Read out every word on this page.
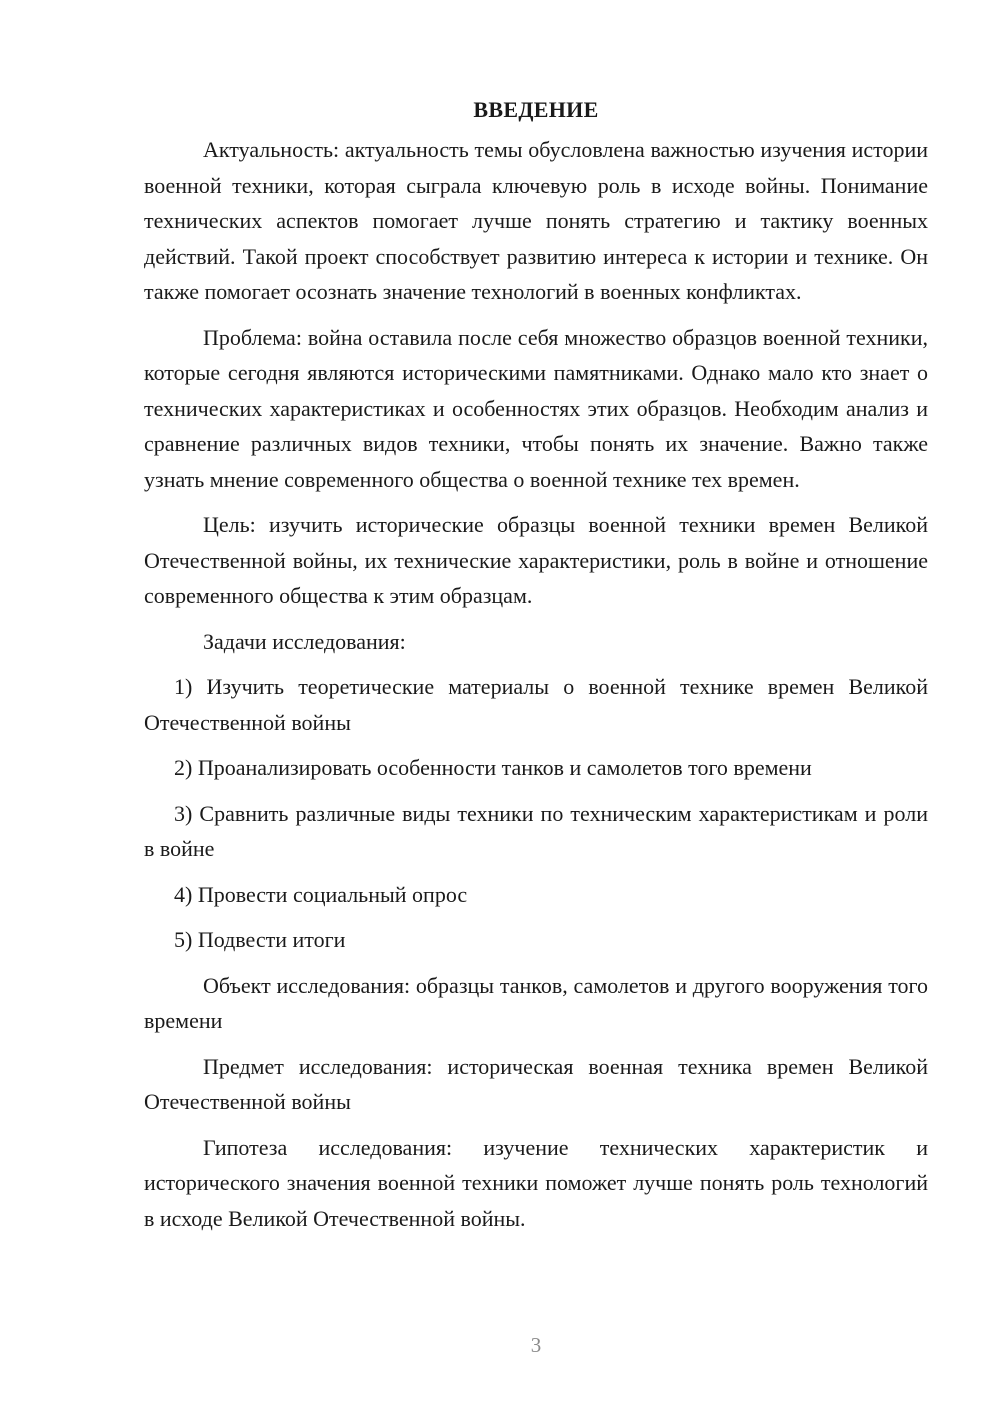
ВВЕДЕНИЕ

Актуальность: актуальность темы обусловлена важностью изучения истории военной техники, которая сыграла ключевую роль в исходе войны. Понимание технических аспектов помогает лучше понять стратегию и тактику военных действий. Такой проект способствует развитию интереса к истории и технике. Он также помогает осознать значение технологий в военных конфликтах.

Проблема: война оставила после себя множество образцов военной техники, которые сегодня являются историческими памятниками. Однако мало кто знает о технических характеристиках и особенностях этих образцов. Необходим анализ и сравнение различных видов техники, чтобы понять их значение. Важно также узнать мнение современного общества о военной технике тех времен.

Цель: изучить исторические образцы военной техники времен Великой Отечественной войны, их технические характеристики, роль в войне и отношение современного общества к этим образцам.

Задачи исследования:

1) Изучить теоретические материалы о военной технике времен Великой Отечественной войны

2) Проанализировать особенности танков и самолетов того времени

3) Сравнить различные виды техники по техническим характеристикам и роли в войне

4) Провести социальный опрос

5) Подвести итоги

Объект исследования: образцы танков, самолетов и другого вооружения того времени

Предмет исследования: историческая военная техника времен Великой Отечественной войны

Гипотеза исследования: изучение технических характеристик и исторического значения военной техники поможет лучше понять роль технологий в исходе Великой Отечественной войны.

3
